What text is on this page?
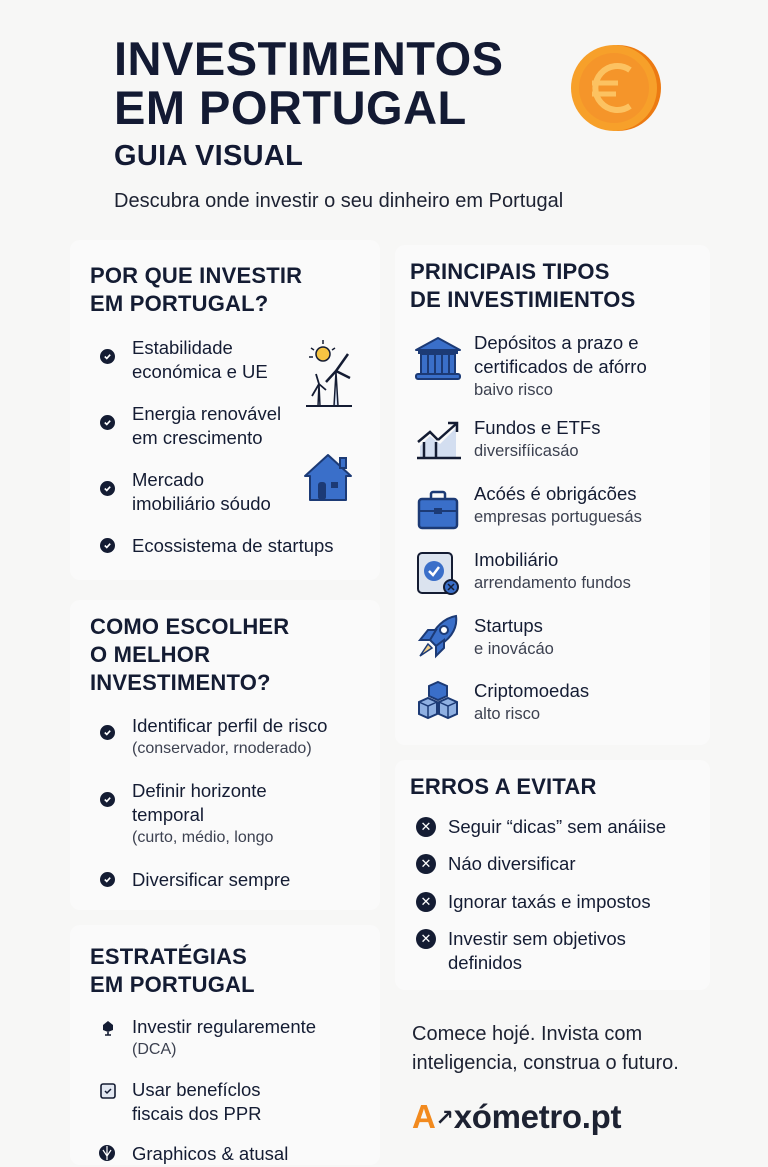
INVESTIMENTOS
EM PORTUGAL
GUIA VISUAL
Descubra onde investir o seu dinheiro em Portugal
POR QUE INVESTIR
EM PORTUGAL?
Estabilidade
económica e UE
Energia renovável
em crescimento
Mercado
imobiliário sóudo
Ecossistema de startups
PRINCIPAIS TIPOS
DE INVESTIMIENTOS
Depósitos a prazo e
certificados de afórro
baivo risco
Fundos e ETFs
diversifíicasáo
Acóés é obrigácões
empresas portuguesás
Imobiliário
arrendamento fundos
Startups
e inovácáo
Criptomoedas
alto risco
COMO ESCOLHER
O MELHOR
INVESTIMENTO?
Identificar perfil de risco
(conservador, rnoderado)
Definir horizonte
temporal
(curto, médio, longo
Diversificar sempre
ERROS A EVITAR
✕ Seguir “dicas” sem anáiise
✕ Náo diversificar
✕ Ignorar taxás e impostos
✕ Investir sem objetivos
definidos
ESTRATÉGIAS
EM PORTUGAL
Investir regularemente
(DCA)
Usar benefíclos
fiscais dos PPR
Graphicos & atusal
Comece hojé. Invista com
inteligencia, construa o futuro.
A↗xómetro.pt
